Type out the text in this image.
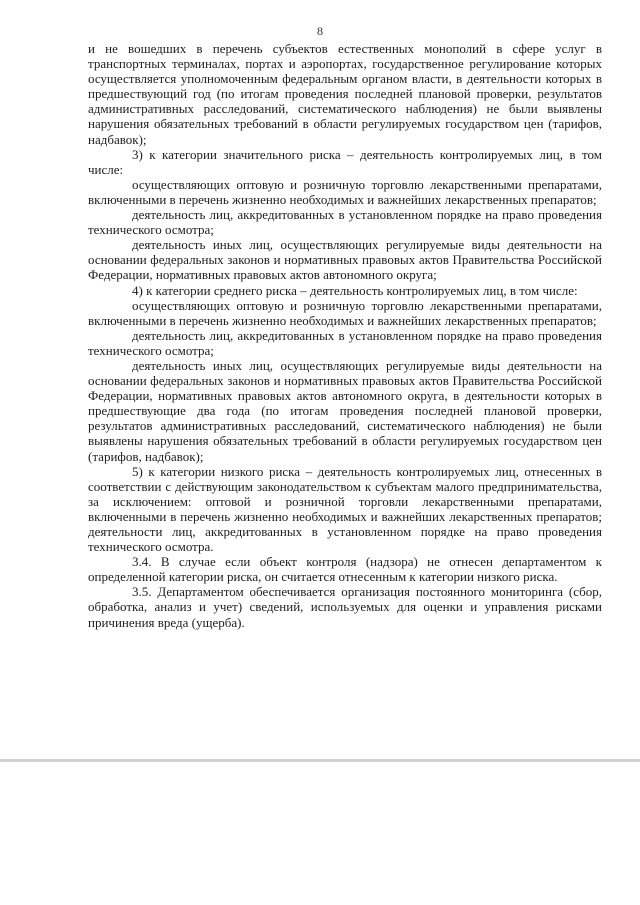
8

и не вошедших в перечень субъектов естественных монополий в сфере услуг в транспортных терминалах, портах и аэропортах, государственное регулирование которых осуществляется уполномоченным федеральным органом власти, в деятельности которых в предшествующий год (по итогам проведения последней плановой проверки, результатов административных расследований, систематического наблюдения) не были выявлены нарушения обязательных требований в области регулируемых государством цен (тарифов, надбавок);

3) к категории значительного риска – деятельность контролируемых лиц, в том числе:

осуществляющих оптовую и розничную торговлю лекарственными препаратами, включенными в перечень жизненно необходимых и важнейших лекарственных препаратов;

деятельность лиц, аккредитованных в установленном порядке на право проведения технического осмотра;

деятельность иных лиц, осуществляющих регулируемые виды деятельности на основании федеральных законов и нормативных правовых актов Правительства Российской Федерации, нормативных правовых актов автономного округа;

4) к категории среднего риска – деятельность контролируемых лиц, в том числе:

осуществляющих оптовую и розничную торговлю лекарственными препаратами, включенными в перечень жизненно необходимых и важнейших лекарственных препаратов;

деятельность лиц, аккредитованных в установленном порядке на право проведения технического осмотра;

деятельность иных лиц, осуществляющих регулируемые виды деятельности на основании федеральных законов и нормативных правовых актов Правительства Российской Федерации, нормативных правовых актов автономного округа, в деятельности которых в предшествующие два года (по итогам проведения последней плановой проверки, результатов административных расследований, систематического наблюдения) не были выявлены нарушения обязательных требований в области регулируемых государством цен (тарифов, надбавок);

5) к категории низкого риска – деятельность контролируемых лиц, отнесенных в соответствии с действующим законодательством к субъектам малого предпринимательства, за исключением: оптовой и розничной торговли лекарственными препаратами, включенными в перечень жизненно необходимых и важнейших лекарственных препаратов; деятельности лиц, аккредитованных в установленном порядке на право проведения технического осмотра.

3.4. В случае если объект контроля (надзора) не отнесен департаментом к определенной категории риска, он считается отнесенным к категории низкого риска.

3.5. Департаментом обеспечивается организация постоянного мониторинга (сбор, обработка, анализ и учет) сведений, используемых для оценки и управления рисками причинения вреда (ущерба).
